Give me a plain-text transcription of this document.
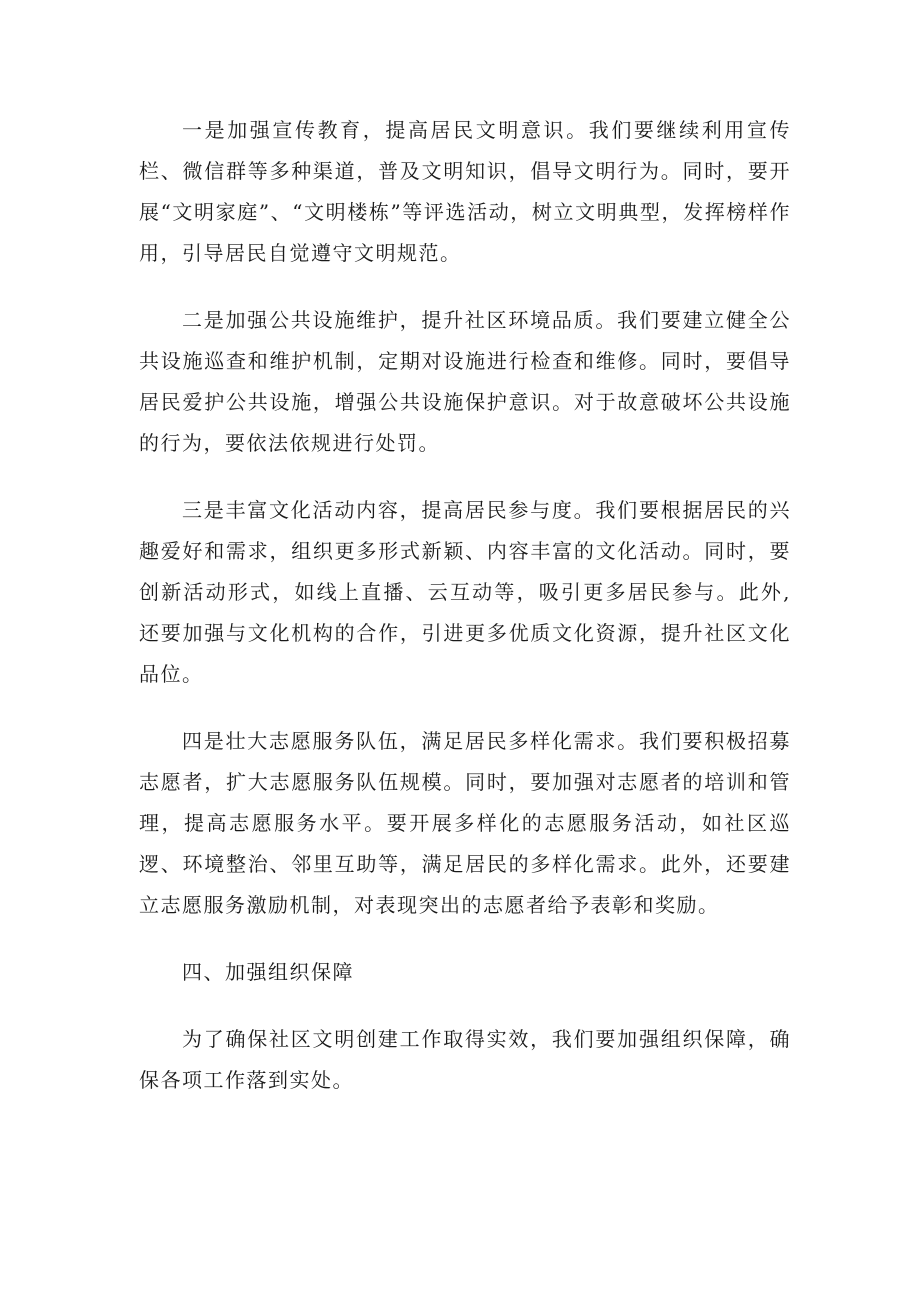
一是加强宣传教育，提高居民文明意识。我们要继续利用宣传栏、微信群等多种渠道，普及文明知识，倡导文明行为。同时，要开展“文明家庭”、“文明楼栋”等评选活动，树立文明典型，发挥榜样作用，引导居民自觉遵守文明规范。

二是加强公共设施维护，提升社区环境品质。我们要建立健全公共设施巡查和维护机制，定期对设施进行检查和维修。同时，要倡导居民爱护公共设施，增强公共设施保护意识。对于故意破坏公共设施的行为，要依法依规进行处罚。

三是丰富文化活动内容，提高居民参与度。我们要根据居民的兴趣爱好和需求，组织更多形式新颖、内容丰富的文化活动。同时，要创新活动形式，如线上直播、云互动等，吸引更多居民参与。此外,还要加强与文化机构的合作，引进更多优质文化资源，提升社区文化品位。

四是壮大志愿服务队伍，满足居民多样化需求。我们要积极招募志愿者，扩大志愿服务队伍规模。同时，要加强对志愿者的培训和管理，提高志愿服务水平。要开展多样化的志愿服务活动，如社区巡逻、环境整治、邻里互助等，满足居民的多样化需求。此外，还要建立志愿服务激励机制，对表现突出的志愿者给予表彰和奖励。

四、加强组织保障

为了确保社区文明创建工作取得实效，我们要加强组织保障，确保各项工作落到实处。
